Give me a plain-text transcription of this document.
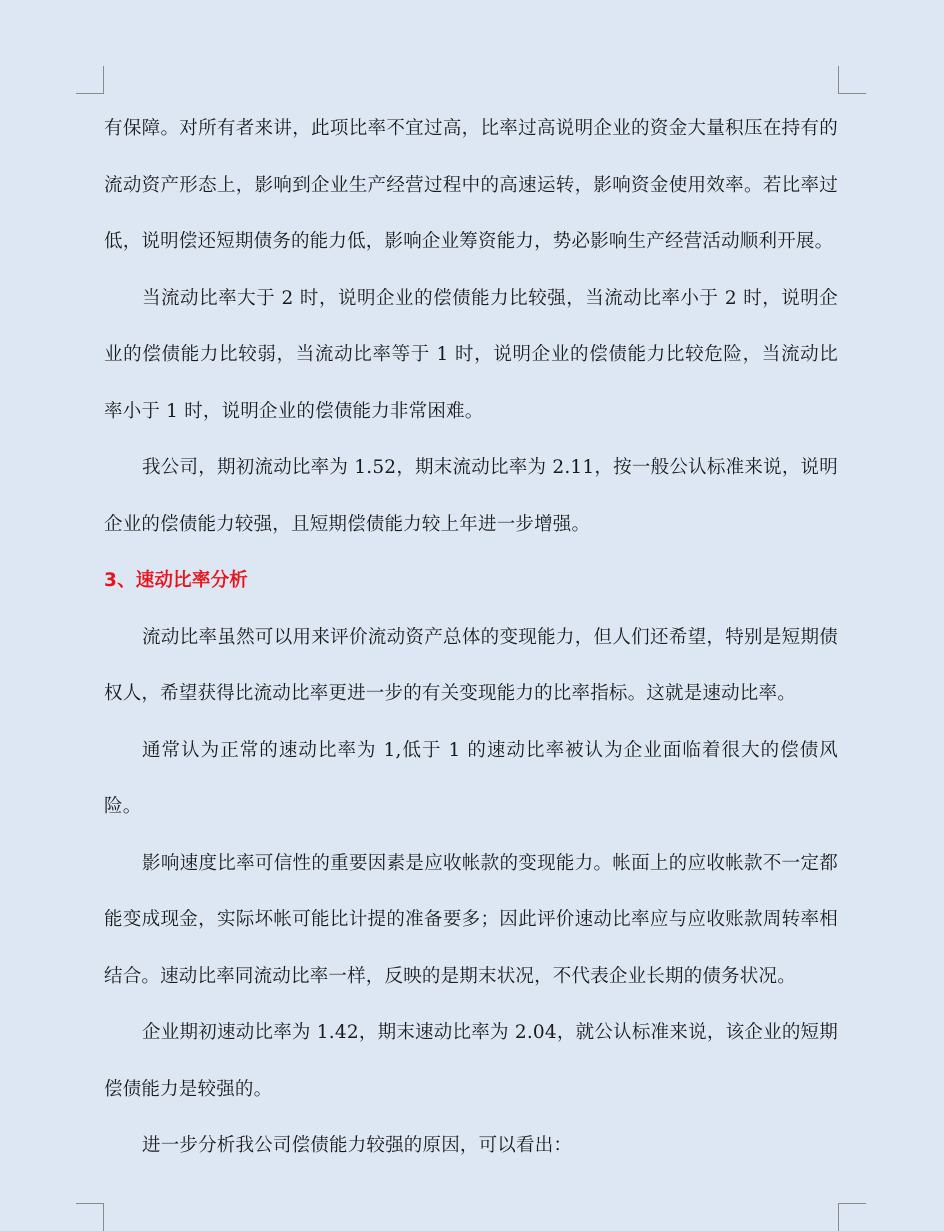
有保障。对所有者来讲，此项比率不宜过高，比率过高说明企业的资金大量积压在持有的流动资产形态上，影响到企业生产经营过程中的高速运转，影响资金使用效率。若比率过低，说明偿还短期债务的能力低，影响企业筹资能力，势必影响生产经营活动顺利开展。

当流动比率大于 2 时，说明企业的偿债能力比较强，当流动比率小于 2 时，说明企业的偿债能力比较弱，当流动比率等于 1 时，说明企业的偿债能力比较危险，当流动比率小于 1 时，说明企业的偿债能力非常困难。

我公司，期初流动比率为 1.52，期末流动比率为 2.11，按一般公认标准来说，说明企业的偿债能力较强，且短期偿债能力较上年进一步增强。

3、速动比率分析

流动比率虽然可以用来评价流动资产总体的变现能力，但人们还希望，特别是短期债权人，希望获得比流动比率更进一步的有关变现能力的比率指标。这就是速动比率。

通常认为正常的速动比率为 1,低于 1 的速动比率被认为企业面临着很大的偿债风险。

影响速度比率可信性的重要因素是应收帐款的变现能力。帐面上的应收帐款不一定都能变成现金，实际坏帐可能比计提的准备要多；因此评价速动比率应与应收账款周转率相结合。速动比率同流动比率一样，反映的是期末状况，不代表企业长期的债务状况。

企业期初速动比率为 1.42，期末速动比率为 2.04，就公认标准来说，该企业的短期偿债能力是较强的。

进一步分析我公司偿债能力较强的原因，可以看出：
